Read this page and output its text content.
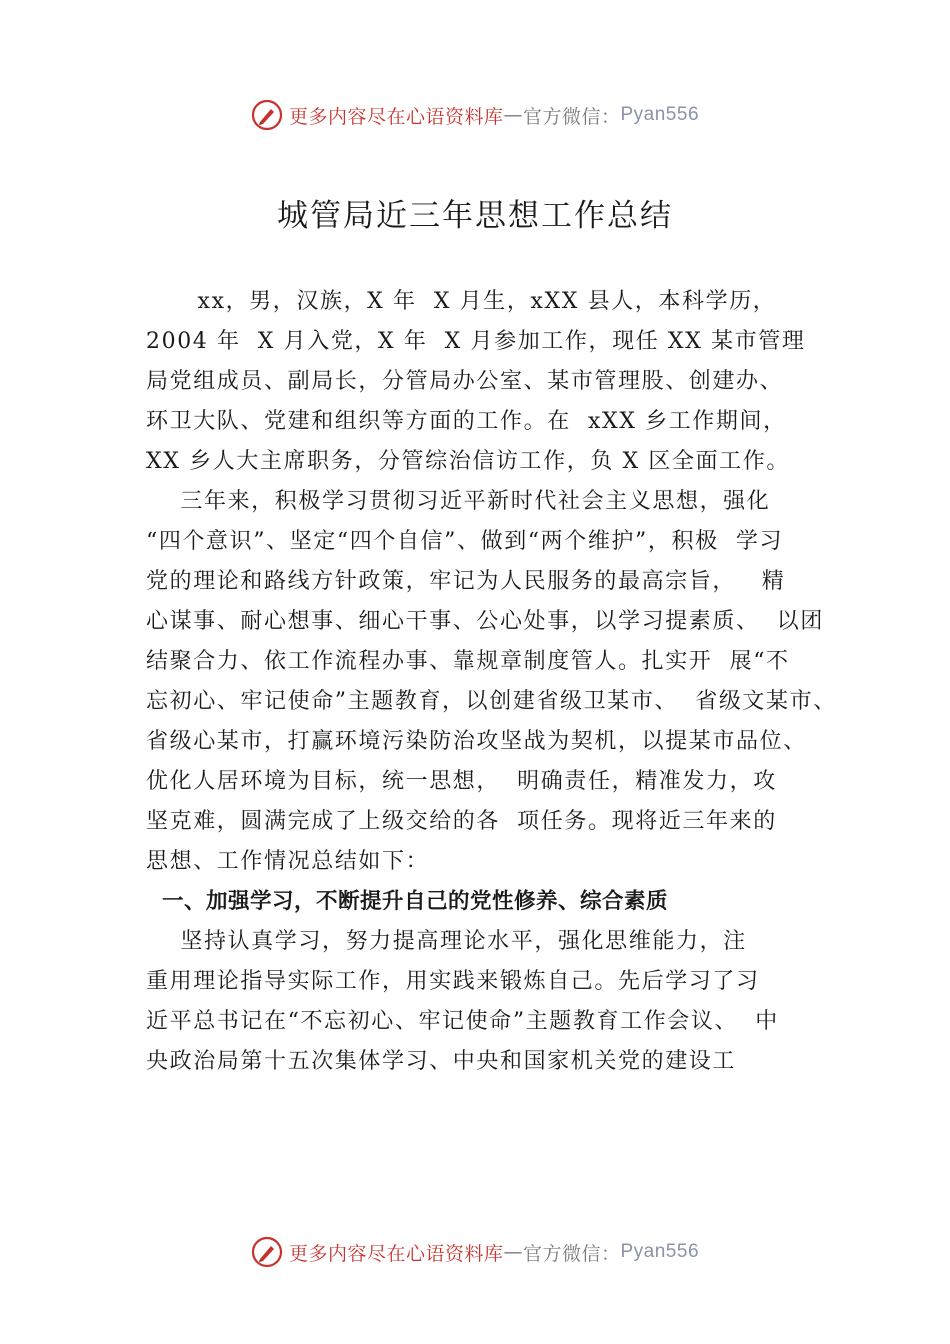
更多内容尽在心语资料库 — 官方微信： Pyan556
城管局近三年思想工作总结
xx，男，汉族，X 年  X 月生，xXX 县人，本科学历，
2004 年  X 月入党，X 年  X 月参加工作，现任 XX 某市管理
局党组成员、副局长，分管局办公室、某市管理股、创建办、
环卫大队、党建和组织等方面的工作。在  xXX 乡工作期间，
XX 乡人大主席职务，分管综治信访工作，负 X 区全面工作。
三年来，积极学习贯彻习近平新时代社会主义思想，强化
“四个意识”、坚定“四个自信”、做到“两个维护”，积极  学习
党的理论和路线方针政策，牢记为人民服务的最高宗旨，   精
心谋事、耐心想事、细心干事、公心处事，以学习提素质、  以团
结聚合力、依工作流程办事、靠规章制度管人。扎实开  展“不
忘初心、牢记使命”主题教育，以创建省级卫某市、  省级文某市、
省级心某市，打赢环境污染防治攻坚战为契机，以提某市品位、
优化人居环境为目标，统一思想，  明确责任，精准发力，攻
坚克难，圆满完成了上级交给的各  项任务。现将近三年来的
思想、工作情况总结如下：
一、加强学习，不断提升自己的党性修养、综合素质
坚持认真学习，努力提高理论水平，强化思维能力，注
重用理论指导实际工作，用实践来锻炼自己。先后学习了习
近平总书记在“不忘初心、牢记使命”主题教育工作会议、  中
央政治局第十五次集体学习、中央和国家机关党的建设工
更多内容尽在心语资料库 — 官方微信： Pyan556
